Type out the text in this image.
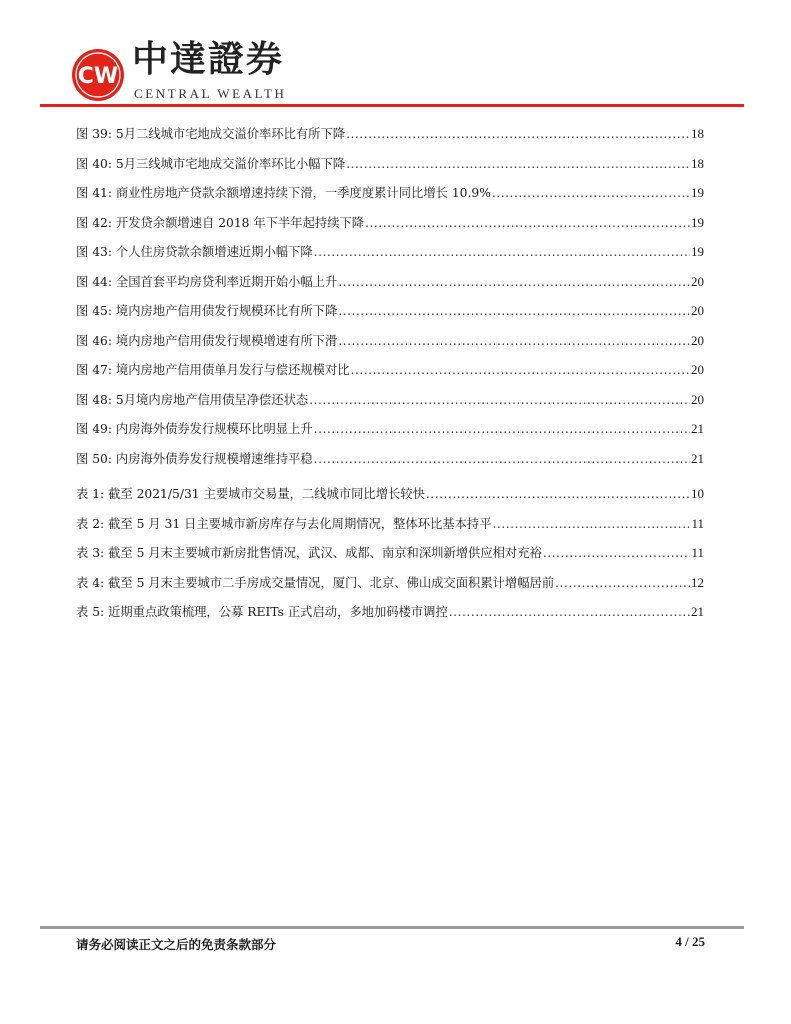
CW 中達證券
CENTRAL WEALTH
图 39: 5月二线城市宅地成交溢价率环比有所下降 .....	18
图 40: 5月三线城市宅地成交溢价率环比小幅下降 .....	18
图 41: 商业性房地产贷款余额增速持续下滑，一季度度累计同比增长 10.9% .....	19
图 42: 开发贷余额增速自 2018 年下半年起持续下降 .....	19
图 43: 个人住房贷款余额增速近期小幅下降 .....	19
图 44: 全国首套平均房贷利率近期开始小幅上升 .....	20
图 45: 境内房地产信用债发行规模环比有所下降 .....	20
图 46: 境内房地产信用债发行规模增速有所下滑 .....	20
图 47: 境内房地产信用债单月发行与偿还规模对比 .....	20
图 48: 5月境内房地产信用债呈净偿还状态 .....	20
图 49: 内房海外债券发行规模环比明显上升 .....	21
图 50: 内房海外债券发行规模增速维持平稳 .....	21
表 1: 截至 2021/5/31 主要城市交易量，二线城市同比增长较快 .....	10
表 2: 截至 5 月 31 日主要城市新房库存与去化周期情况，整体环比基本持平 .....	11
表 3: 截至 5 月末主要城市新房批售情况，武汉、成都、南京和深圳新增供应相对充裕 .....	11
表 4: 截至 5 月末主要城市二手房成交量情况，厦门、北京、佛山成交面积累计增幅居前 .....	12
表 5: 近期重点政策梳理，公募 REITs 正式启动，多地加码楼市调控 .....	21
请务必阅读正文之后的免责条款部分	4 / 25
